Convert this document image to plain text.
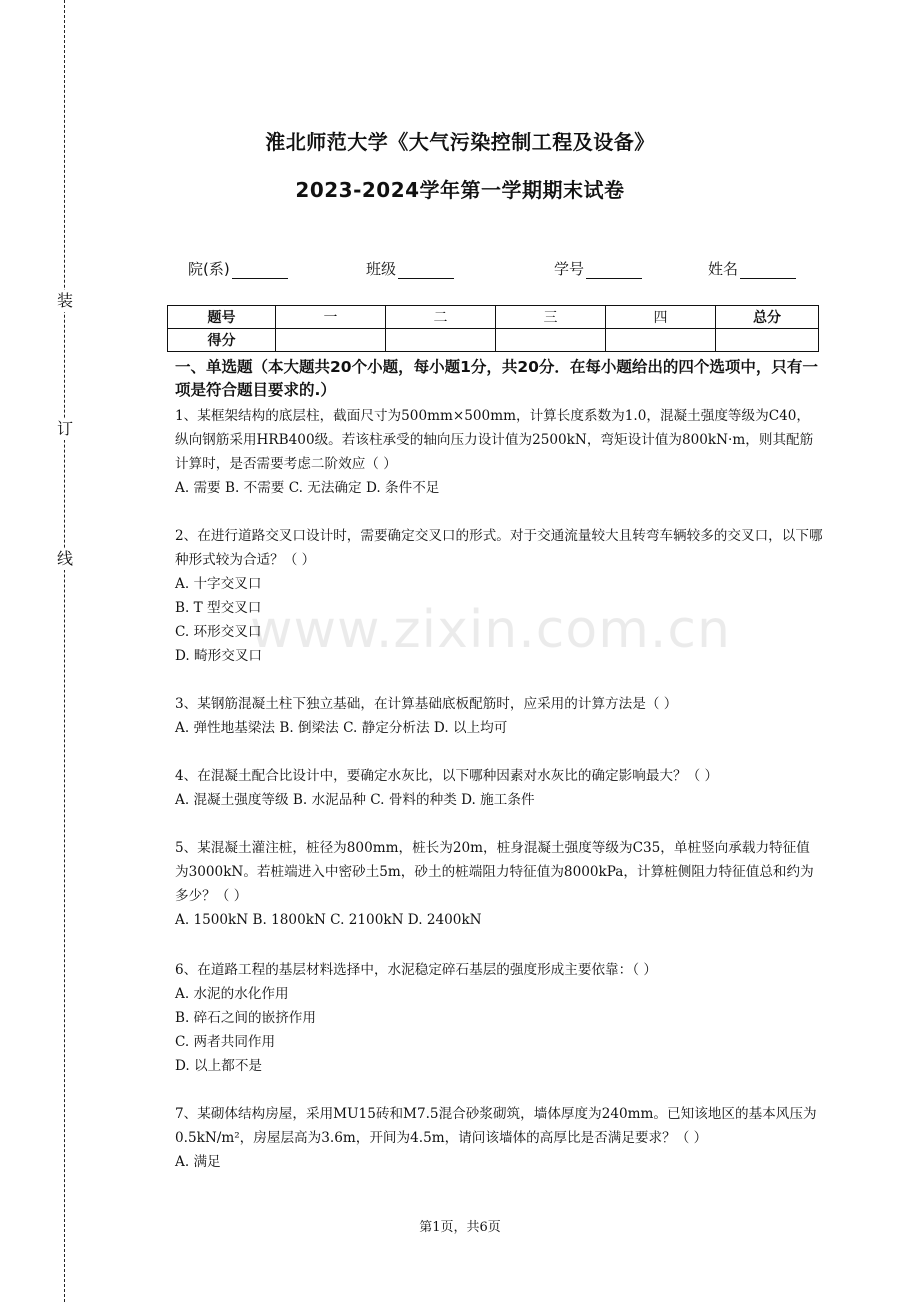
装
订
线
淮北师范大学《大气污染控制工程及设备》
2023-2024学年第一学期期末试卷
院(系)	班级	学号	姓名
题号	一	二	三	四	总分
得分					
一、单选题（本大题共20个小题，每小题1分，共20分．在每小题给出的四个选项中，只有一项是符合题目要求的.）

1、某框架结构的底层柱，截面尺寸为500mm×500mm，计算长度系数为1.0，混凝土强度等级为C40，纵向钢筋采用HRB400级。若该柱承受的轴向压力设计值为2500kN，弯矩设计值为800kN·m，则其配筋计算时，是否需要考虑二阶效应（ ）

A. 需要 B. 不需要 C. 无法确定 D. 条件不足

2、在进行道路交叉口设计时，需要确定交叉口的形式。对于交通流量较大且转弯车辆较多的交叉口，以下哪种形式较为合适？（ ）

A. 十字交叉口

B. T 型交叉口

C. 环形交叉口

D. 畸形交叉口

3、某钢筋混凝土柱下独立基础，在计算基础底板配筋时，应采用的计算方法是（ ）

A. 弹性地基梁法 B. 倒梁法 C. 静定分析法 D. 以上均可

4、在混凝土配合比设计中，要确定水灰比，以下哪种因素对水灰比的确定影响最大？（ ）

A. 混凝土强度等级 B. 水泥品种 C. 骨料的种类 D. 施工条件

5、某混凝土灌注桩，桩径为800mm，桩长为20m，桩身混凝土强度等级为C35，单桩竖向承载力特征值为3000kN。若桩端进入中密砂土5m，砂土的桩端阻力特征值为8000kPa，计算桩侧阻力特征值总和约为多少？（ ）

A. 1500kN B. 1800kN C. 2100kN D. 2400kN

6、在道路工程的基层材料选择中，水泥稳定碎石基层的强度形成主要依靠：（ ）

A. 水泥的水化作用

B. 碎石之间的嵌挤作用

C. 两者共同作用

D. 以上都不是

7、某砌体结构房屋，采用MU15砖和M7.5混合砂浆砌筑，墙体厚度为240mm。已知该地区的基本风压为0.5kN/m²，房屋层高为3.6m，开间为4.5m，请问该墙体的高厚比是否满足要求？（ ）

A. 满足

www.zixin.com.cn
第1页，共6页
